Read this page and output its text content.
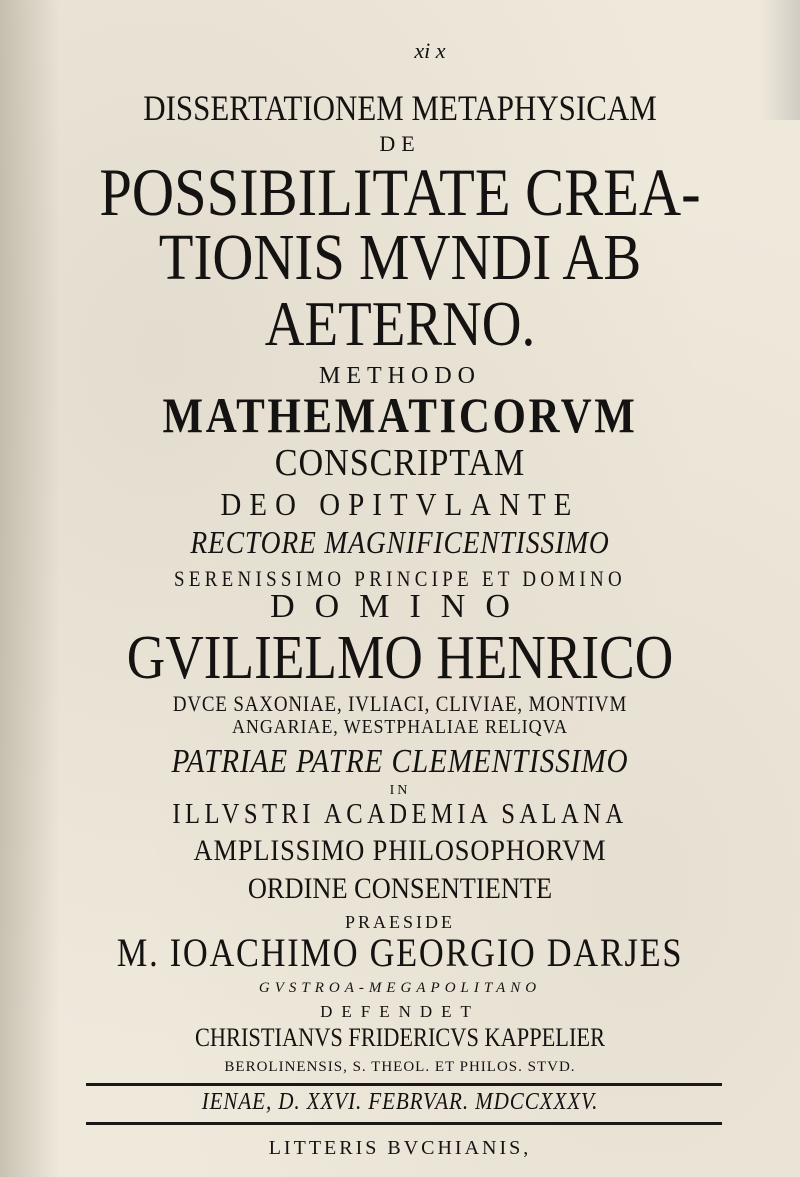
xi x
DISSERTATIONEM METAPHYSICAM
DE
POSSIBILITATE CREA-
TIONIS MVNDI AB
AETERNO.
METHODO
MATHEMATICORVM
CONSCRIPTAM
DEO OPITVLANTE
RECTORE MAGNIFICENTISSIMO
SERENISSIMO PRINCIPE ET DOMINO
DOMINO
GVILIELMO HENRICO
DVCE SAXONIAE, IVLIACI, CLIVIAE, MONTIVM
ANGARIAE, WESTPHALIAE RELIQVA
PATRIAE PATRE CLEMENTISSIMO
IN
ILLVSTRI ACADEMIA SALANA
AMPLISSIMO PHILOSOPHORVM
ORDINE CONSENTIENTE
PRAESIDE
M. IOACHIMO GEORGIO DARJES
GVSTROA-MEGAPOLITANO
DEFENDET
CHRISTIANVS FRIDERICVS KAPPELIER
BEROLINENSIS, S. THEOL. ET PHILOS. STVD.
IENAE, D. XXVI. FEBRVAR. MDCCXXXV.
LITTERIS BVCHIANIS,
